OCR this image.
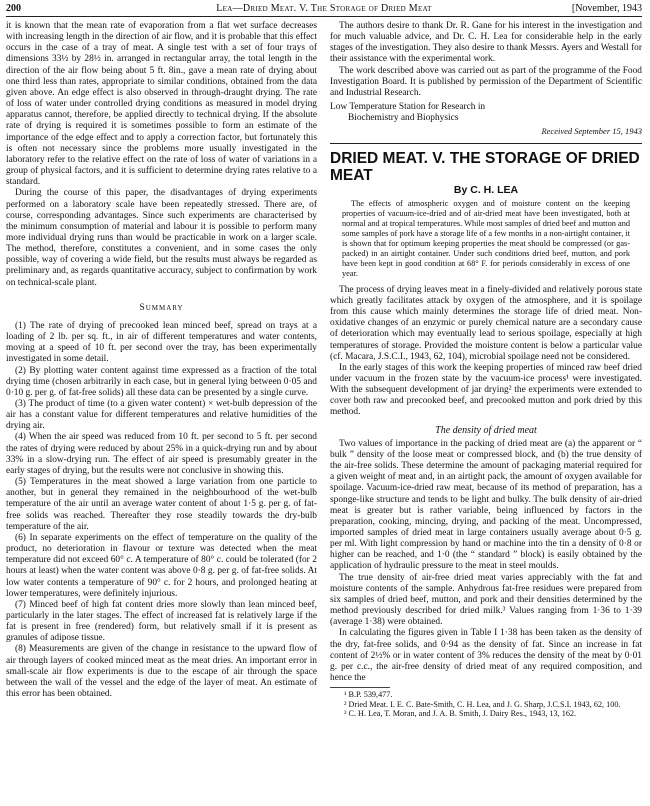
200	Lea—Dried Meat. V. The Storage of Dried Meat	[November, 1943

it is known that the mean rate of evaporation from a flat wet surface decreases with increasing length in the direction of air flow, and it is probable that this effect occurs in the case of a tray of meat. A single test with a set of four trays of dimensions 33½ by 28½ in. arranged in rectangular array, the total length in the direction of the air flow being about 5 ft. 8in., gave a mean rate of drying about one third less than rates, appropriate to similar conditions, obtained from the data given above. An edge effect is also observed in through-draught drying. The rate of loss of water under controlled drying conditions as measured in model drying apparatus cannot, therefore, be applied directly to technical drying. If the absolute rate of drying is required it is sometimes possible to form an estimate of the importance of the edge effect and to apply a correction factor, but fortunately this is often not necessary since the problems more usually investigated in the laboratory refer to the relative effect on the rate of loss of water of variations in a group of physical factors, and it is sufficient to determine drying rates relative to a standard.

During the course of this paper, the disadvantages of drying experiments performed on a laboratory scale have been repeatedly stressed. There are, of course, corresponding advantages. Since such experiments are characterised by the minimum consumption of material and labour it is possible to perform many more individual drying runs than would be practicable in work on a larger scale. The method, therefore, constitutes a convenient, and in some cases the only possible, way of covering a wide field, but the results must always be regarded as preliminary and, as regards quantitative accuracy, subject to confirmation by work on technical-scale plant.

Summary

(1) The rate of drying of precooked lean minced beef, spread on trays at a loading of 2 lb. per sq. ft., in air of different temperatures and water contents, moving at a speed of 10 ft. per second over the tray, has been experimentally investigated in some detail.

(2) By plotting water content against time expressed as a fraction of the total drying time (chosen arbitrarily in each case, but in general lying between 0·05 and 0·10 g. per g. of fat-free solids) all these data can be presented by a single curve.

(3) The product of time (to a given water content) × wet-bulb depression of the air has a constant value for different temperatures and relative humidities of the drying air.

(4) When the air speed was reduced from 10 ft. per second to 5 ft. per second the rates of drying were reduced by about 25% in a quick-drying run and by about 33% in a slow-drying run. The effect of air speed is presumably greater in the early stages of drying, but the results were not conclusive in showing this.

(5) Temperatures in the meat showed a large variation from one particle to another, but in general they remained in the neighbourhood of the wet-bulb temperature of the air until an average water content of about 1·5 g. per g. of fat-free solids was reached. Thereafter they rose steadily towards the dry-bulb temperature of the air.

(6) In separate experiments on the effect of temperature on the quality of the product, no deterioration in flavour or texture was detected when the meat temperature did not exceed 60° c. A temperature of 80° c. could be tolerated (for 2 hours at least) when the water content was above 0·8 g. per g. of fat-free solids. At low water contents a temperature of 90° c. for 2 hours, and prolonged heating at lower temperatures, were definitely injurious.

(7) Minced beef of high fat content dries more slowly than lean minced beef, particularly in the later stages. The effect of increased fat is relatively large if the fat is present in free (rendered) form, but relatively small if it is present as granules of adipose tissue.

(8) Measurements are given of the change in resistance to the upward flow of air through layers of cooked minced meat as the meat dries. An important error in small-scale air flow experiments is due to the escape of air through the space between the wall of the vessel and the edge of the layer of meat. An estimate of this error has been obtained.

The authors desire to thank Dr. R. Gane for his interest in the investigation and for much valuable advice, and Dr. C. H. Lea for considerable help in the early stages of the investigation. They also desire to thank Messrs. Ayers and Westall for their assistance with the experimental work.

The work described above was carried out as part of the programme of the Food Investigation Board. It is published by permission of the Department of Scientific and Industrial Research.

Low Temperature Station for Research in

Biochemistry and Biophysics

Received September 15, 1943
DRIED MEAT. V. THE STORAGE OF DRIED MEAT
By C. H. LEA

The effects of atmospheric oxygen and of moisture content on the keeping properties of vacuum-ice-dried and of air-dried meat have been investigated, both at normal and at tropical temperatures. While most samples of dried beef and mutton and some samples of pork have a storage life of a few months in a non-airtight container, it is shown that for optimum keeping properties the meat should be compressed (or gas-packed) in an airtight container. Under such conditions dried beef, mutton, and pork have been kept in good condition at 68° F. for periods considerably in excess of one year.

The process of drying leaves meat in a finely-divided and relatively porous state which greatly facilitates attack by oxygen of the atmosphere, and it is spoilage from this cause which mainly determines the storage life of dried meat. Non-oxidative changes of an enzymic or purely chemical nature are a secondary cause of deterioration which may eventually lead to serious spoilage, especially at high temperatures of storage. Provided the moisture content is below a particular value (cf. Macara, J.S.C.I., 1943, 62, 104), microbial spoilage need not be considered.

In the early stages of this work the keeping properties of minced raw beef dried under vacuum in the frozen state by the vacuum-ice process¹ were investigated. With the subsequent development of jar drying² the experiments were extended to cover both raw and precooked beef, and precooked mutton and pork dried by this method.

The density of dried meat

Two values of importance in the packing of dried meat are (a) the apparent or “ bulk ” density of the loose meat or compressed block, and (b) the true density of the air-free solids. These determine the amount of packaging material required for a given weight of meat and, in an airtight pack, the amount of oxygen available for spoilage. Vacuum-ice-dried raw meat, because of its method of preparation, has a sponge-like structure and tends to be light and bulky. The bulk density of air-dried meat is greater but is rather variable, being influenced by factors in the preparation, cooking, mincing, drying, and packing of the meat. Uncompressed, imported samples of dried meat in large containers usually average about 0·5 g. per ml. With light compression by hand or machine into the tin a density of 0·8 or higher can be reached, and 1·0 (the “ standard ” block) is easily obtained by the application of hydraulic pressure to the meat in steel moulds.

The true density of air-free dried meat varies appreciably with the fat and moisture contents of the sample. Anhydrous fat-free residues were prepared from six samples of dried beef, mutton, and pork and their densities determined by the method previously described for dried milk.³ Values ranging from 1·36 to 1·39 (average 1·38) were obtained.

In calculating the figures given in Table I 1·38 has been taken as the density of the dry, fat-free solids, and 0·94 as the density of fat. Since an increase in fat content of 2½% or in water content of 3% reduces the density of the meat by 0·01 g. per c.c., the air-free density of dried meat of any required composition, and hence the

¹ B.P. 539,477.
² Dried Meat. I. E. C. Bate-Smith, C. H. Lea, and J. G. Sharp, J.C.S.I. 1943, 62, 100.
³ C. H. Lea, T. Moran, and J. A. B. Smith, J. Dairy Res., 1943, 13, 162.
